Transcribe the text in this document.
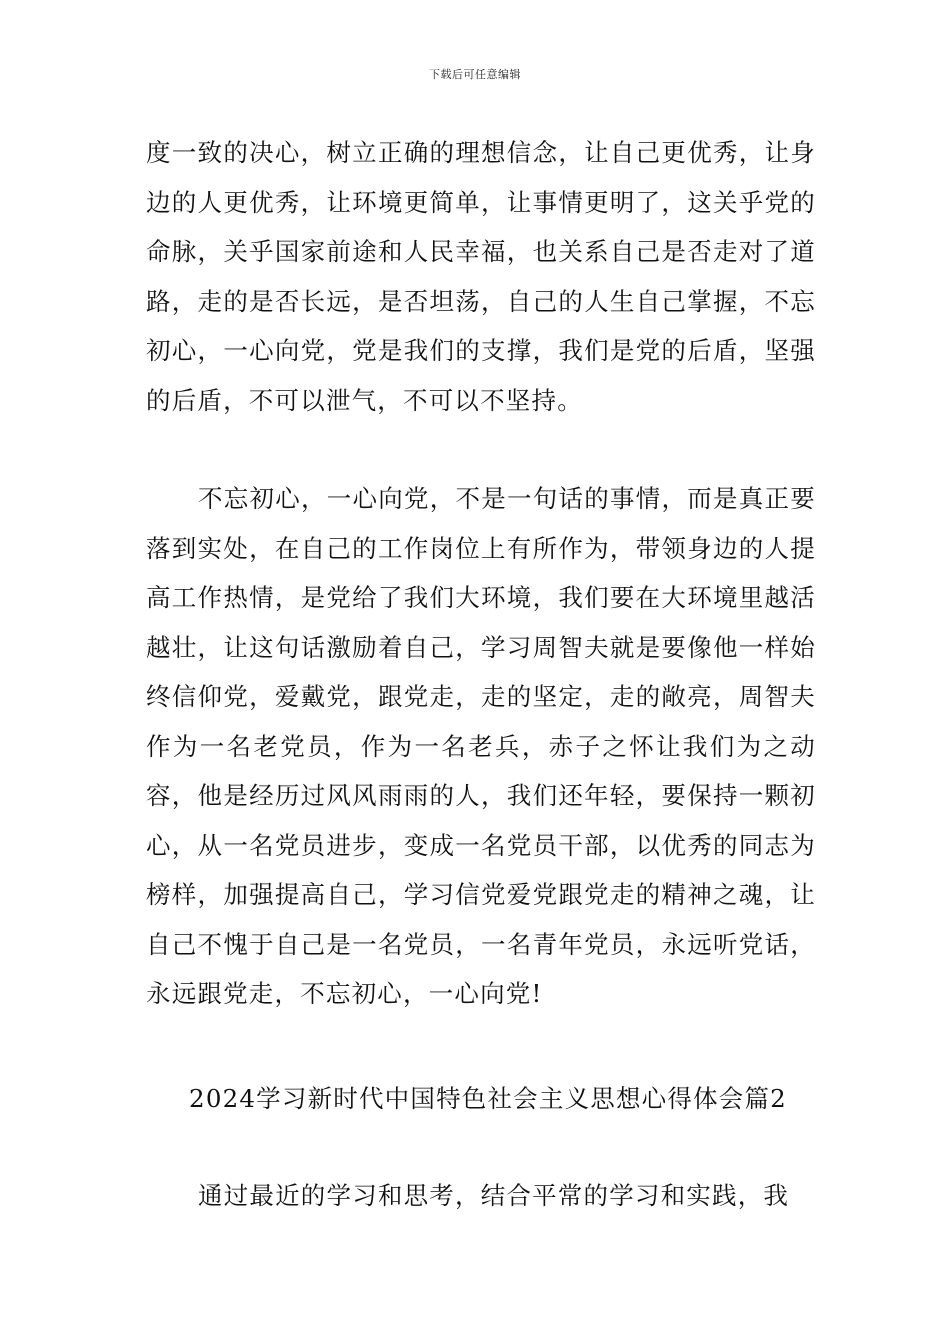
下载后可任意编辑

度一致的决心，树立正确的理想信念，让自己更优秀，让身边的人更优秀，让环境更简单，让事情更明了，这关乎党的命脉，关乎国家前途和人民幸福，也关系自己是否走对了道路，走的是否长远，是否坦荡，自己的人生自己掌握，不忘初心，一心向党，党是我们的支撑，我们是党的后盾，坚强的后盾，不可以泄气，不可以不坚持。

不忘初心，一心向党，不是一句话的事情，而是真正要落到实处，在自己的工作岗位上有所作为，带领身边的人提高工作热情，是党给了我们大环境，我们要在大环境里越活越壮，让这句话激励着自己，学习周智夫就是要像他一样始终信仰党，爱戴党，跟党走，走的坚定，走的敞亮，周智夫作为一名老党员，作为一名老兵，赤子之怀让我们为之动容，他是经历过风风雨雨的人，我们还年轻，要保持一颗初心，从一名党员进步，变成一名党员干部，以优秀的同志为榜样，加强提高自己，学习信党爱党跟党走的精神之魂，让自己不愧于自己是一名党员，一名青年党员，永远听党话，永远跟党走，不忘初心，一心向党!

2024学习新时代中国特色社会主义思想心得体会篇2

通过最近的学习和思考，结合平常的学习和实践，我
